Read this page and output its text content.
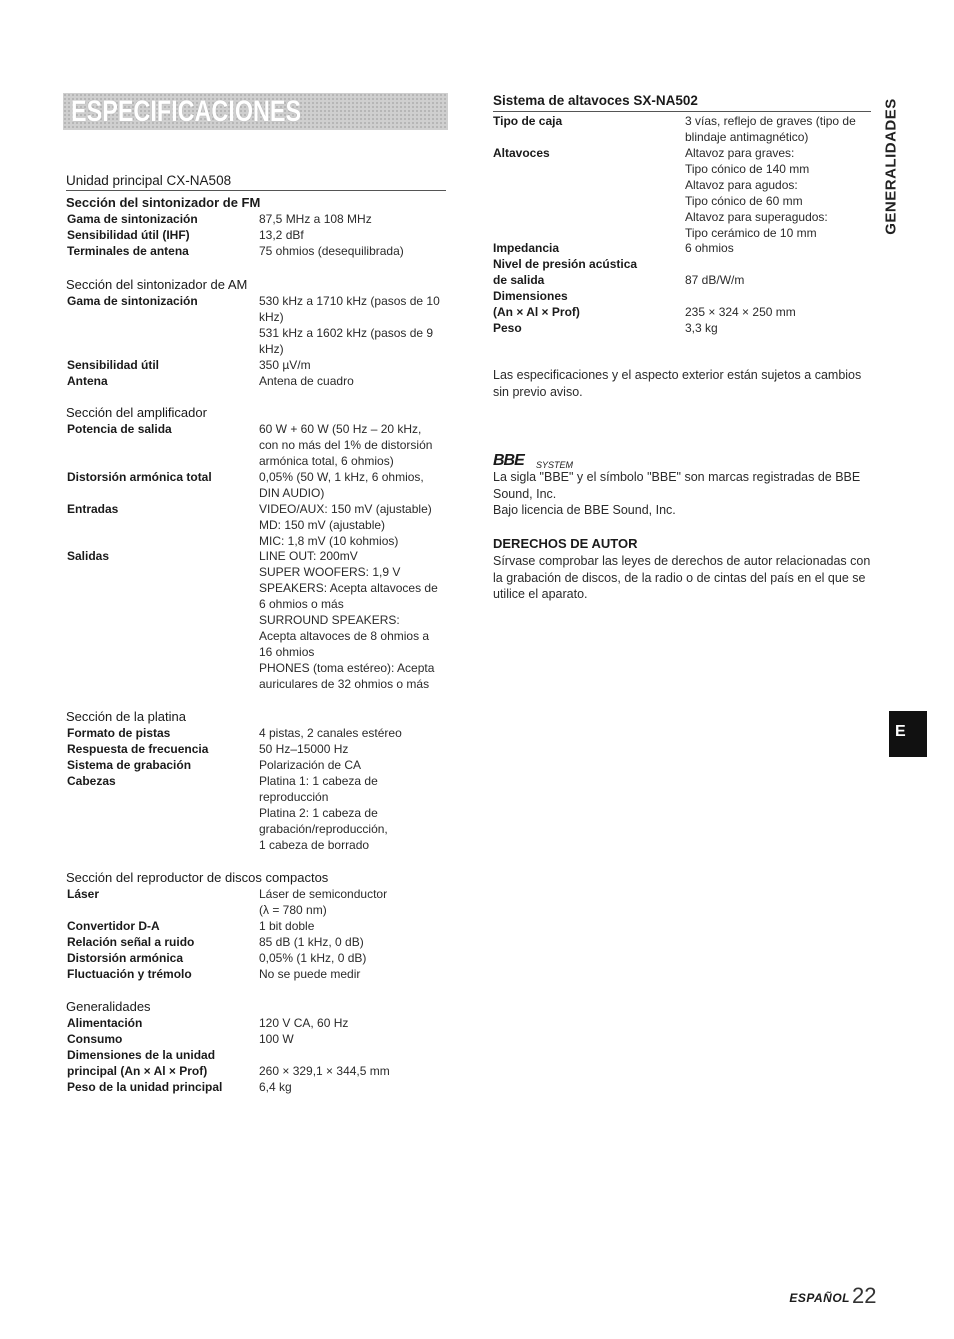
ESPECIFICACIONES
Unidad principal CX-NA508
Sección del sintonizador de FM
Gama de sintonización	87,5 MHz a 108 MHz
Sensibilidad útil (IHF)	13,2 dBf
Terminales de antena	75 ohmios (desequilibrada)
Sección del sintonizador de AM
Gama de sintonización	530 kHz a 1710 kHz (pasos de 10
kHz)
531 kHz a 1602 kHz (pasos de 9
kHz)
Sensibilidad útil	350 µV/m
Antena	Antena de cuadro
Sección del amplificador
Potencia de salida	60 W + 60 W (50 Hz – 20 kHz,
con no más del 1% de distorsión
armónica total, 6 ohmios)
Distorsión armónica total	0,05% (50 W, 1 kHz, 6 ohmios,
DIN AUDIO)
Entradas	VIDEO/AUX: 150 mV (ajustable)
MD: 150 mV (ajustable)
MIC: 1,8 mV (10 kohmios)
Salidas	LINE OUT: 200mV
SUPER WOOFERS: 1,9 V
SPEAKERS: Acepta altavoces de
6 ohmios o más
SURROUND SPEAKERS:
Acepta altavoces de 8 ohmios a
16 ohmios
PHONES (toma estéreo): Acepta
auriculares de 32 ohmios o más
Sección de la platina
Formato de pistas	4 pistas, 2 canales estéreo
Respuesta de frecuencia	50 Hz–15000 Hz
Sistema de grabación	Polarización de CA
Cabezas	Platina 1: 1 cabeza de
reproducción
Platina 2: 1 cabeza de
grabación/reproducción,
1 cabeza de borrado
Sección del reproductor de discos compactos
Láser	Láser de semiconductor
(λ = 780 nm)
Convertidor D-A	1 bit doble
Relación señal a ruido	85 dB (1 kHz, 0 dB)
Distorsión armónica	0,05% (1 kHz, 0 dB)
Fluctuación y trémolo	No se puede medir
Generalidades
Alimentación	120 V CA, 60 Hz
Consumo	100 W
Dimensiones de la unidad
principal (An × Al × Prof)	
260 × 329,1 × 344,5 mm
Peso de la unidad principal	6,4 kg
Sistema de altavoces SX-NA502
Tipo de caja	3 vías, reflejo de graves (tipo de
blindaje antimagnético)
Altavoces	Altavoz para graves:
Tipo cónico de 140 mm
Altavoz para agudos:
Tipo cónico de 60 mm
Altavoz para superagudos:
Tipo cerámico de 10 mm
Impedancia	6 ohmios
Nivel de presión acústica
de salida	
87 dB/W/m
Dimensiones
(An × Al × Prof)	
235 × 324 × 250 mm
Peso	3,3 kg
Las especificaciones y el aspecto exterior están sujetos a cambios sin previo aviso.
BBE SYSTEM
La sigla "BBE" y el símbolo "BBE" son marcas registradas de BBE Sound, Inc.
Bajo licencia de BBE Sound, Inc.
DERECHOS DE AUTOR
Sírvase comprobar las leyes de derechos de autor relacionadas con la grabación de discos, de la radio o de cintas del país en el que se utilice el aparato.
GENERALIDADES
E
ESPAÑOL 22
